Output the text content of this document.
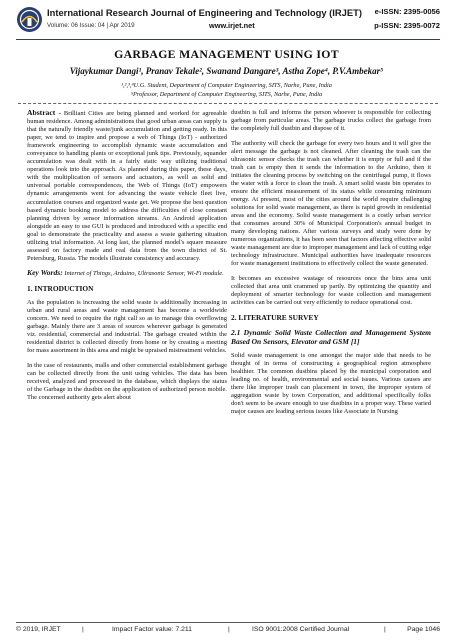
International Research Journal of Engineering and Technology (IRJET) e-ISSN: 2395-0056
Volume: 06 Issue: 04 | Apr 2019	www.irjet.net	p-ISSN: 2395-0072
GARBAGE MANAGEMENT USING IOT
Vijaykumar Dangi¹, Pranav Tekale², Swanand Dangare³, Astha Zope⁴, P.V.Ambekar⁵
¹,²,³,⁴U.G. Student, Department of Computer Engineering, SITS, Narhe, Pune, India
⁵Professor, Department of Computer Engineering, SITS, Narhe, Pune, India

Abstract - Brilliant Cities are being planned and worked for agreeable human residence. Among administrations that good urban areas can supply is that the naturally friendly waste/junk accumulation and getting ready. In this paper, we tend to inspire and propose a web of Things (IoT) - authorized framework engineering to accomplish dynamic waste accumulation and conveyance to handling plants or exceptional junk tips. Previously, squander accumulation was dealt with in a fairly static way utilizing traditional operations look into the approach. As planned during this paper, these days, with the multiplication of sensors and actuators, as well as solid and universal portable correspondences, the Web of Things (IoT) empowers dynamic arrangements went for advancing the waste vehicle fleet live, accumulation courses and organized waste get. We propose the best question based dynamic booking model to address the difficulties of close constant planning driven by sensor information streams. An Android application alongside an easy to use GUI is produced and introduced with a specific end goal to demonstrate the practicality and assess a waste gathering situation utilizing trial information. At long last, the planned model's square measure assessed on factory made and real data from the town district of St. Petersburg, Russia. The models illustrate consistency and accuracy.

Key Words: Internet of Things, Arduino, Ultrasonic Sensor, Wi-Fi module.

1. INTRODUCTION

As the population is increasing the solid waste is additionally increasing in urban and rural areas and waste management has become a worldwide concern. We need to require the right call so as to manage this overflowing garbage. Mainly there are 3 areas of sources wherever garbage is generated viz. residential, commercial and industrial. The garbage created within the residential district is collected directly from home or by creating a meeting for mass assortment in this area and might be upraised mistreatment vehicles.

In the case of restaurants, malls and other commercial establishment garbage can be collected directly from the unit using vehicles. The data has been received, analyzed and processed in the database, which displays the status of the Garbage in the dustbin on the application of authorized person mobile. The concerned authority gets alert about

dustbin is full and informs the person whoever is responsible for collecting garbage from particular areas. The garbage trucks collect the garbage from the completely full dustbin and dispose of it.

The authority will check the garbage for every two hours and it will give the alert message the garbage is not cleaned. After cleaning the trash can the ultrasonic sensor checks the trash can whether it is empty or full and if the trash can is empty then it sends the information to the Arduino, then it initiates the cleaning process by switching on the centrifugal pump, it flows the water with a force to clean the trash. A smart solid waste bin operates to ensure the efficient measurement of its status while consuming minimum energy. At present, most of the cities around the world require challenging solutions for solid waste management, as there is rapid growth in residential areas and the economy. Solid waste management is a costly urban service that consumes around 30% of Municipal Corporation's annual budget in many developing nations. After various surveys and study were done by numerous organizations, it has been seen that factors affecting effective solid waste management are due to improper management and lack of cutting edge technology infrastructure. Municipal authorities have inadequate resources for waste management institutions to effectively collect the waste generated.

It becomes an excessive wastage of resources once the bins area unit collected that area unit crammed up partly. By optimizing the quantity and deployment of smarter technology for waste collection and management activities can be carried out very efficiently to reduce operational cost.

2. LITERATURE SURVEY
2.1 Dynamic Solid Waste Collection and Management System Based On Sensors, Elevator and GSM [1]

Solid waste management is one amongst the major side that needs to be thought of in terms of constructing a geographical region atmosphere healthier. The common dustbins placed by the municipal corporation and leading no. of health, environmental and social issues. Various causes are there like improper trash can placement in town, the improper system of aggregation waste by town Corporation, and additional specifically folks don't seem to be aware enough to use dustbins in a proper way. These varied major causes are leading serious issues like Associate in Nursing

© 2019, IRJET	|	Impact Factor value: 7.211	|	ISO 9001:2008 Certified Journal	|	Page 1046
